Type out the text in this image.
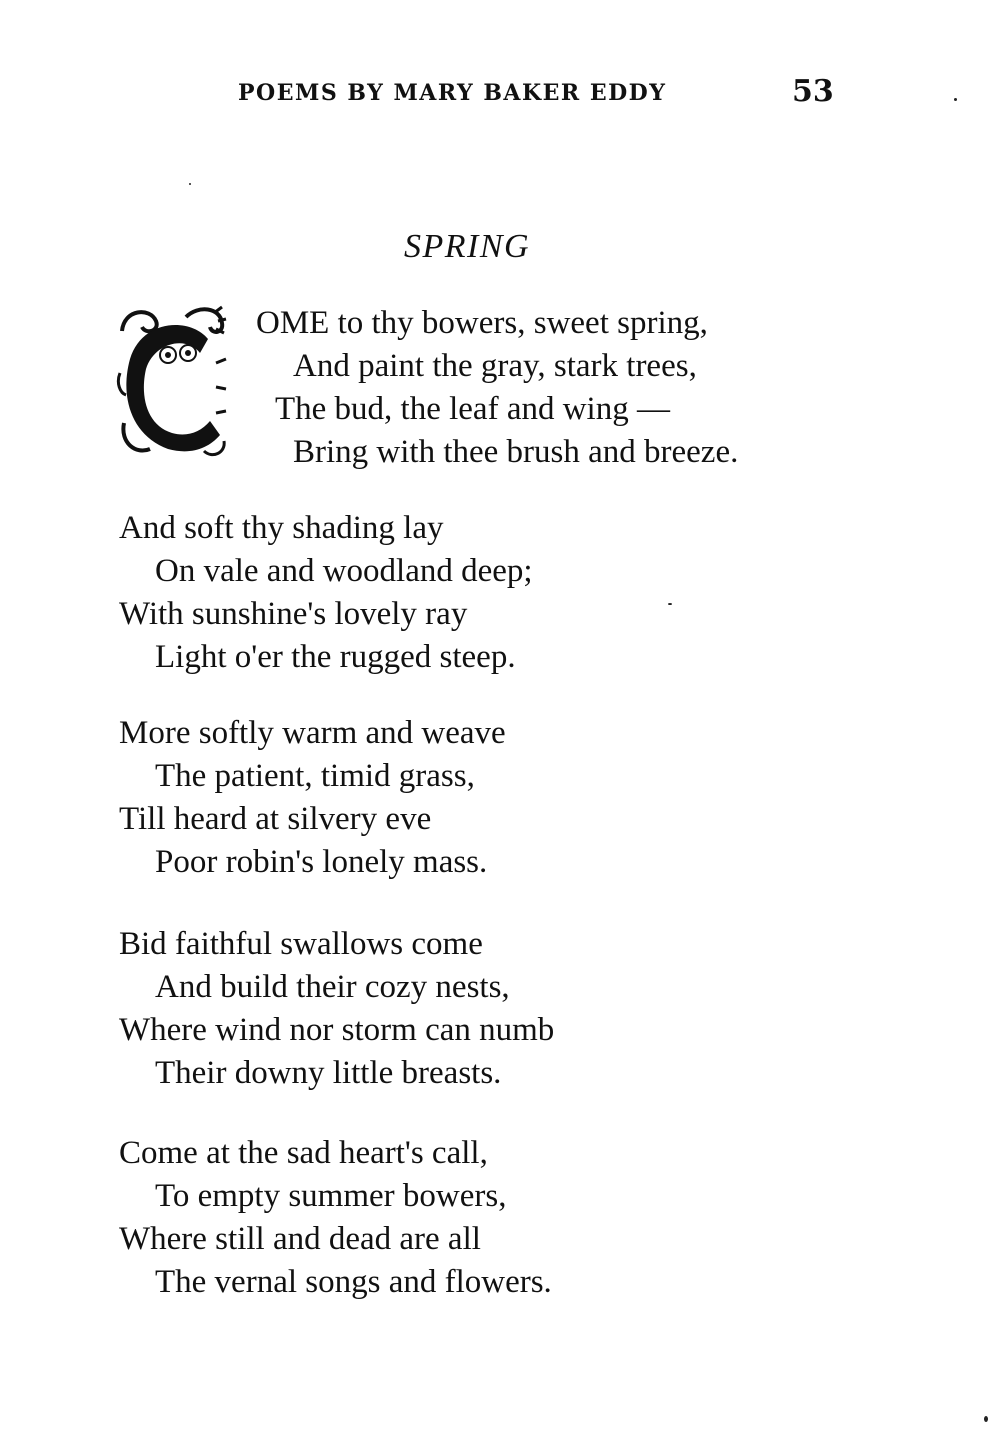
POEMS BY MARY BAKER EDDY	53
SPRING
OME to thy bowers, sweet spring,
And paint the gray, stark trees,
The bud, the leaf and wing —
Bring with thee brush and breeze.
And soft thy shading lay
On vale and woodland deep;
With sunshine's lovely ray
Light o'er the rugged steep.
More softly warm and weave
The patient, timid grass,
Till heard at silvery eve
Poor robin's lonely mass.
Bid faithful swallows come
And build their cozy nests,
Where wind nor storm can numb
Their downy little breasts.
Come at the sad heart's call,
To empty summer bowers,
Where still and dead are all
The vernal songs and flowers.
